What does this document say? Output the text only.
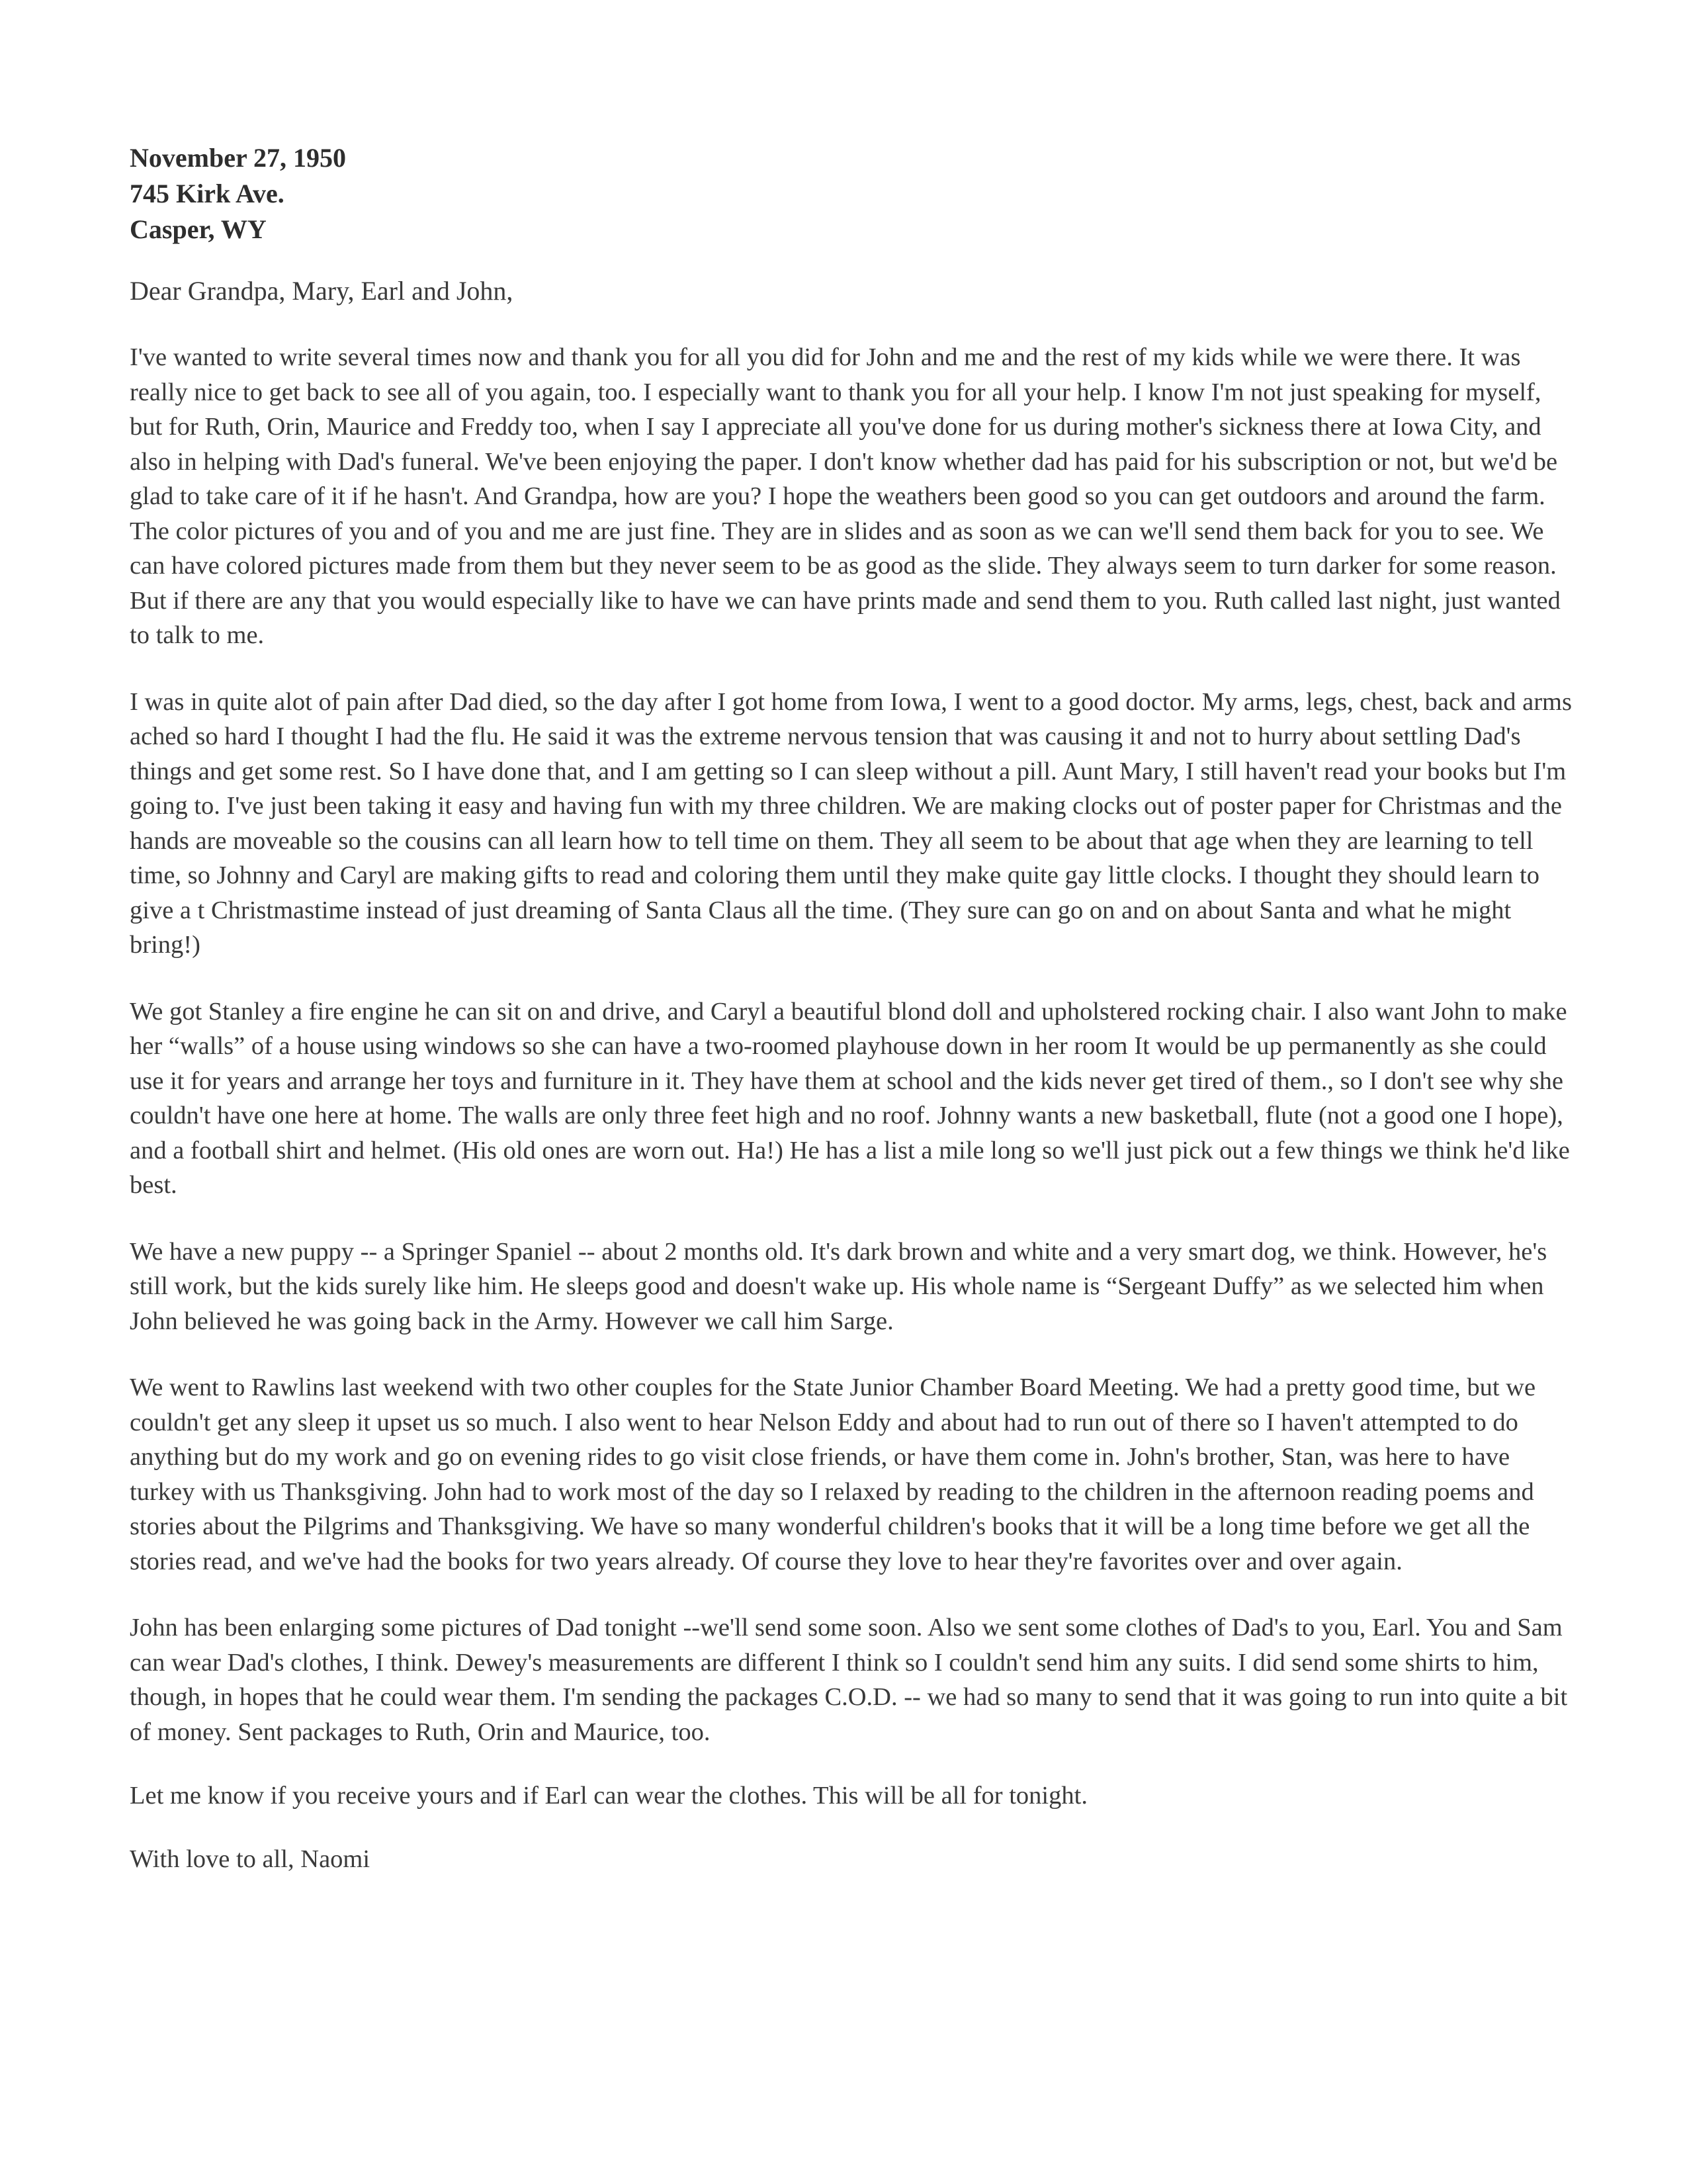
November 27, 1950
745 Kirk Ave.
Casper, WY
Dear Grandpa, Mary, Earl and John,
I've wanted to write several times now and thank you for all you did for John and me and the rest of my kids while we were there. It was really nice to get back to see all of you again, too. I especially want to thank you for all your help. I know I'm not just speaking for myself, but for Ruth, Orin, Maurice and Freddy too, when I say I appreciate all you've done for us during mother's sickness there at Iowa City, and also in helping with Dad's funeral. We've been enjoying the paper. I don't know whether dad has paid for his subscription or not, but we'd be glad to take care of it if he hasn't. And Grandpa, how are you? I hope the weathers been good so you can get outdoors and around the farm. The color pictures of you and of you and me are just fine. They are in slides and as soon as we can we'll send them back for you to see. We can have colored pictures made from them but they never seem to be as good as the slide. They always seem to turn darker for some reason. But if there are any that you would especially like to have we can have prints made and send them to you. Ruth called last night, just wanted to talk to me.
I was in quite alot of pain after Dad died, so the day after I got home from Iowa, I went to a good doctor. My arms, legs, chest, back and arms ached so hard I thought I had the flu. He said it was the extreme nervous tension that was causing it and not to hurry about settling Dad's things and get some rest. So I have done that, and I am getting so I can sleep without a pill. Aunt Mary, I still haven't read your books but I'm going to. I've just been taking it easy and having fun with my three children. We are making clocks out of poster paper for Christmas and the hands are moveable so the cousins can all learn how to tell time on them. They all seem to be about that age when they are learning to tell time, so Johnny and Caryl are making gifts to read and coloring them until they make quite gay little clocks. I thought they should learn to give a t Christmastime instead of just dreaming of Santa Claus all the time. (They sure can go on and on about Santa and what he might bring!)
We got Stanley a fire engine he can sit on and drive, and Caryl a beautiful blond doll and upholstered rocking chair. I also want John to make her “walls” of a house using windows so she can have a two-roomed playhouse down in her room It would be up permanently as she could use it for years and arrange her toys and furniture in it. They have them at school and the kids never get tired of them., so I don't see why she couldn't have one here at home. The walls are only three feet high and no roof. Johnny wants a new basketball, flute (not a good one I hope), and a football shirt and helmet. (His old ones are worn out. Ha!) He has a list a mile long so we'll just pick out a few things we think he'd like best.
We have a new puppy -- a Springer Spaniel -- about 2 months old. It's dark brown and white and a very smart dog, we think. However, he's still work, but the kids surely like him. He sleeps good and doesn't wake up. His whole name is “Sergeant Duffy” as we selected him when John believed he was going back in the Army. However we call him Sarge.
We went to Rawlins last weekend with two other couples for the State Junior Chamber Board Meeting. We had a pretty good time, but we couldn't get any sleep it upset us so much. I also went to hear Nelson Eddy and about had to run out of there so I haven't attempted to do anything but do my work and go on evening rides to go visit close friends, or have them come in. John's brother, Stan, was here to have turkey with us Thanksgiving. John had to work most of the day so I relaxed by reading to the children in the afternoon reading poems and stories about the Pilgrims and Thanksgiving. We have so many wonderful children's books that it will be a long time before we get all the stories read, and we've had the books for two years already. Of course they love to hear they're favorites over and over again.
John has been enlarging some pictures of Dad tonight --we'll send some soon. Also we sent some clothes of Dad's to you, Earl. You and Sam can wear Dad's clothes, I think. Dewey's measurements are different I think so I couldn't send him any suits. I did send some shirts to him, though, in hopes that he could wear them. I'm sending the packages C.O.D. -- we had so many to send that it was going to run into quite a bit of money. Sent packages to Ruth, Orin and Maurice, too.
Let me know if you receive yours and if Earl can wear the clothes. This will be all for tonight.
With love to all, Naomi
